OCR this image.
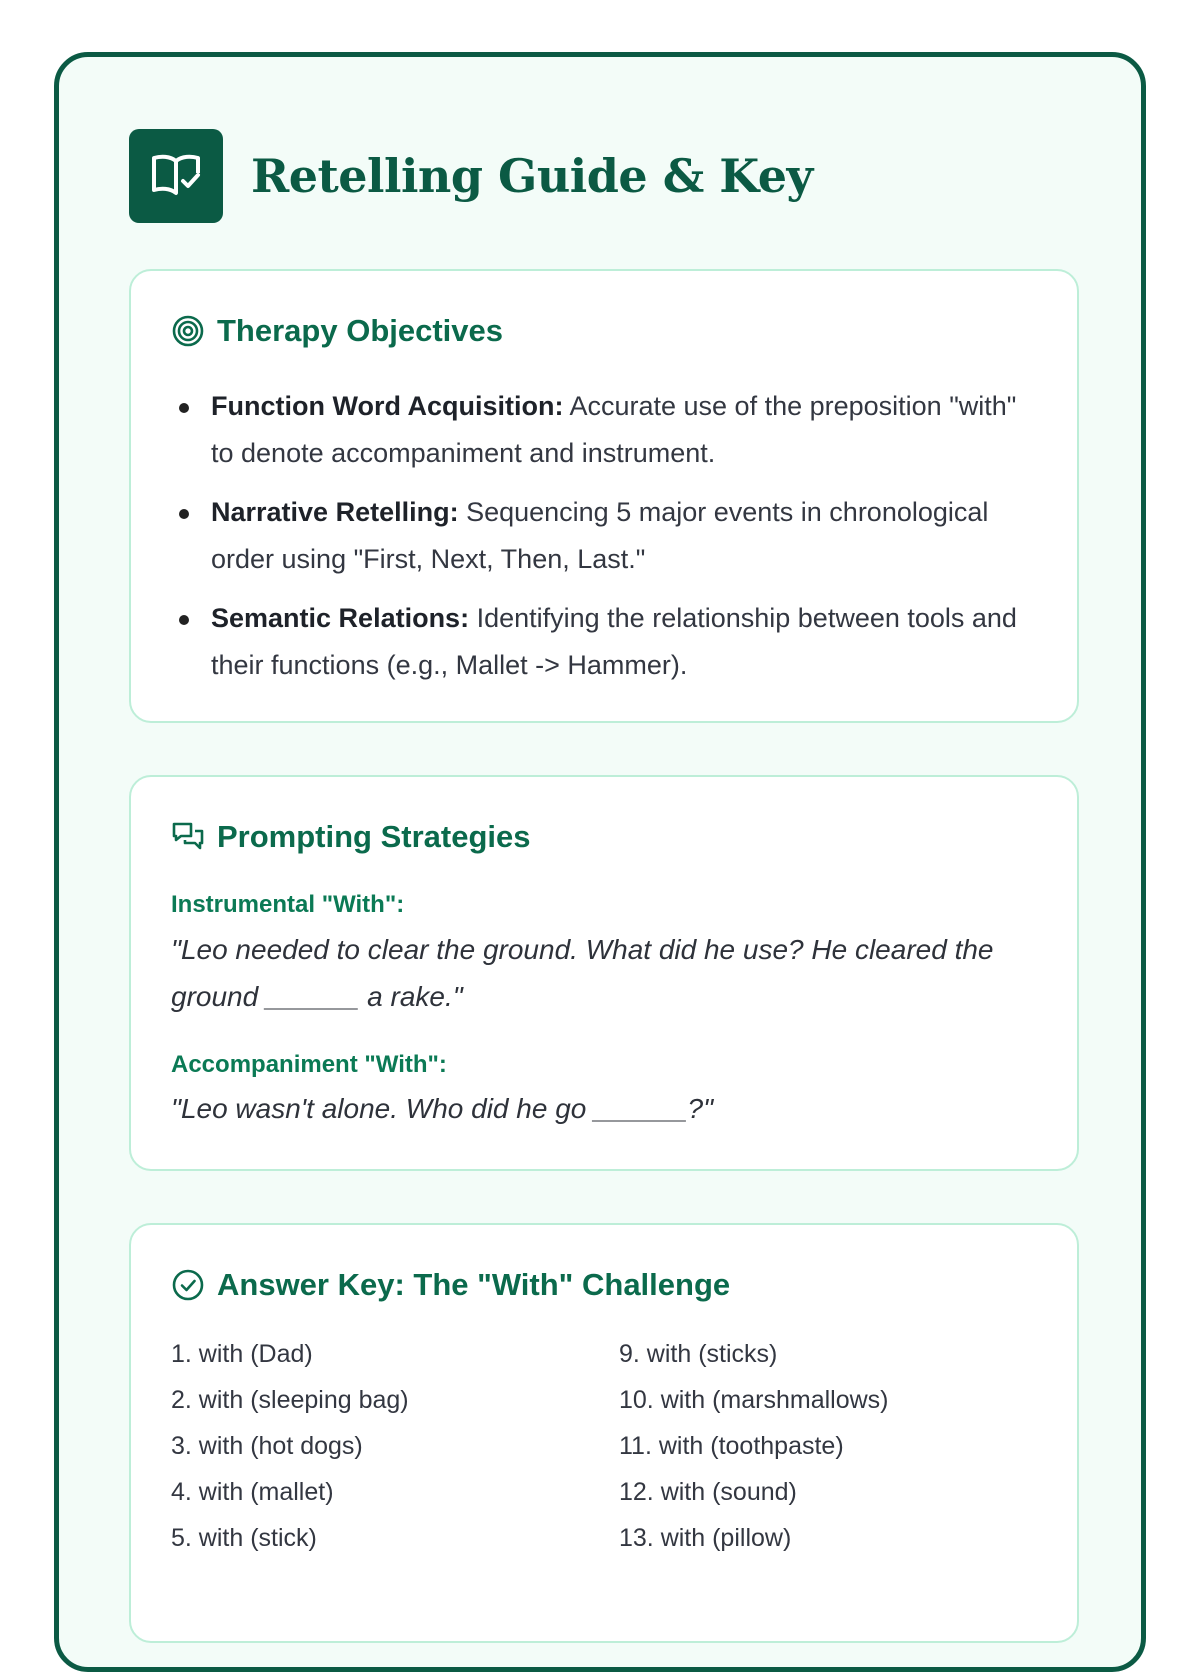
Retelling Guide & Key
Therapy Objectives
Function Word Acquisition: Accurate use of the preposition "with" to denote accompaniment and instrument.
Narrative Retelling: Sequencing 5 major events in chronological order using "First, Next, Then, Last."
Semantic Relations: Identifying the relationship between tools and their functions (e.g., Mallet -> Hammer).
Prompting Strategies
Instrumental "With":
"Leo needed to clear the ground. What did he use? He cleared the ground ______ a rake."
Accompaniment "With":
"Leo wasn't alone. Who did he go ______?"
Answer Key: The "With" Challenge
1. with (Dad)
2. with (sleeping bag)
3. with (hot dogs)
4. with (mallet)
5. with (stick)
9. with (sticks)
10. with (marshmallows)
11. with (toothpaste)
12. with (sound)
13. with (pillow)
